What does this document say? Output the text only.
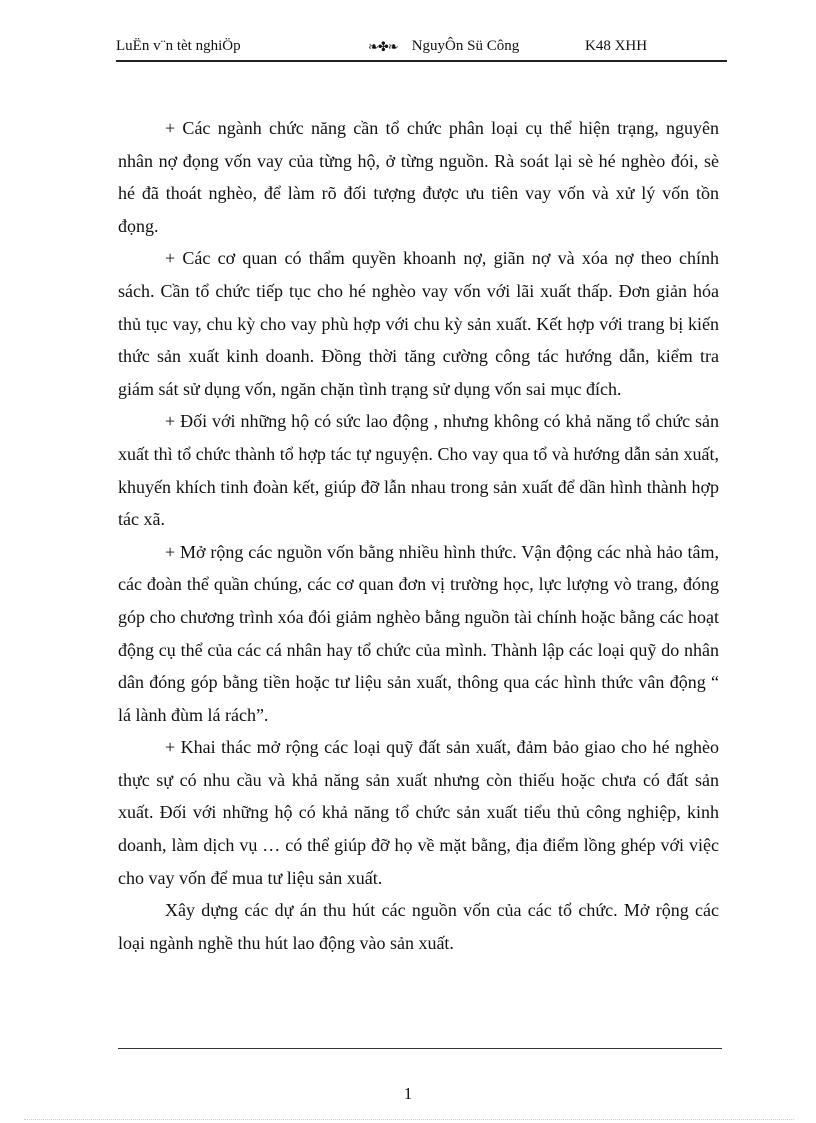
LuËn v¨n tèt nghiÖp	❧✤❧ NguyÔn Sü Công	K48 XHH

+ Các ngành chức năng cần tổ chức phân loại cụ thể hiện trạng, nguyên nhân nợ đọng vốn vay của từng hộ, ở từng nguồn. Rà soát lại sè hé nghèo đói, sè hé đã thoát nghèo, để làm rõ đối tượng được ưu tiên vay vốn và xử lý vốn tồn đọng.

+ Các cơ quan có thẩm quyền khoanh nợ, giãn nợ và xóa nợ theo chính sách. Cần tổ chức tiếp tục cho hé nghèo vay vốn với lãi xuất thấp. Đơn giản hóa thủ tục vay, chu kỳ cho vay phù hợp với chu kỳ sản xuất. Kết hợp với trang bị kiến thức sản xuất kinh doanh. Đồng thời tăng cường công tác hướng dẫn, kiểm tra giám sát sử dụng vốn, ngăn chặn tình trạng sử dụng vốn sai mục đích.

+ Đối với những hộ có sức lao động , nhưng không có khả năng tổ chức sản xuất thì tổ chức thành tổ hợp tác tự nguyện. Cho vay qua tổ và hướng dẫn sản xuất, khuyến khích tinh đoàn kết, giúp đỡ lẫn nhau trong sản xuất để dần hình thành hợp tác xã.

+ Mở rộng các nguồn vốn bằng nhiều hình thức. Vận động các nhà hảo tâm, các đoàn thể quần chúng, các cơ quan đơn vị trường học, lực lượng vò trang, đóng góp cho chương trình xóa đói giảm nghèo bằng nguồn tài chính hoặc bằng các hoạt động cụ thể của các cá nhân hay tổ chức của mình. Thành lập các loại quỹ do nhân dân đóng góp bằng tiền hoặc tư liệu sản xuất, thông qua các hình thức vân động “ lá lành đùm lá rách”.

+ Khai thác mở rộng các loại quỹ đất sản xuất, đảm bảo giao cho hé nghèo thực sự có nhu cầu và khả năng sản xuất nhưng còn thiếu hoặc chưa có đất sản xuất. Đối với những hộ có khả năng tổ chức sản xuất tiểu thủ công nghiệp, kinh doanh, làm dịch vụ … có thể giúp đỡ họ về mặt bằng, địa điểm lồng ghép với việc cho vay vốn để mua tư liệu sản xuất.

Xây dựng các dự án thu hút các nguồn vốn của các tổ chức. Mở rộng các loại ngành nghề thu hút lao động vào sản xuất.

1
